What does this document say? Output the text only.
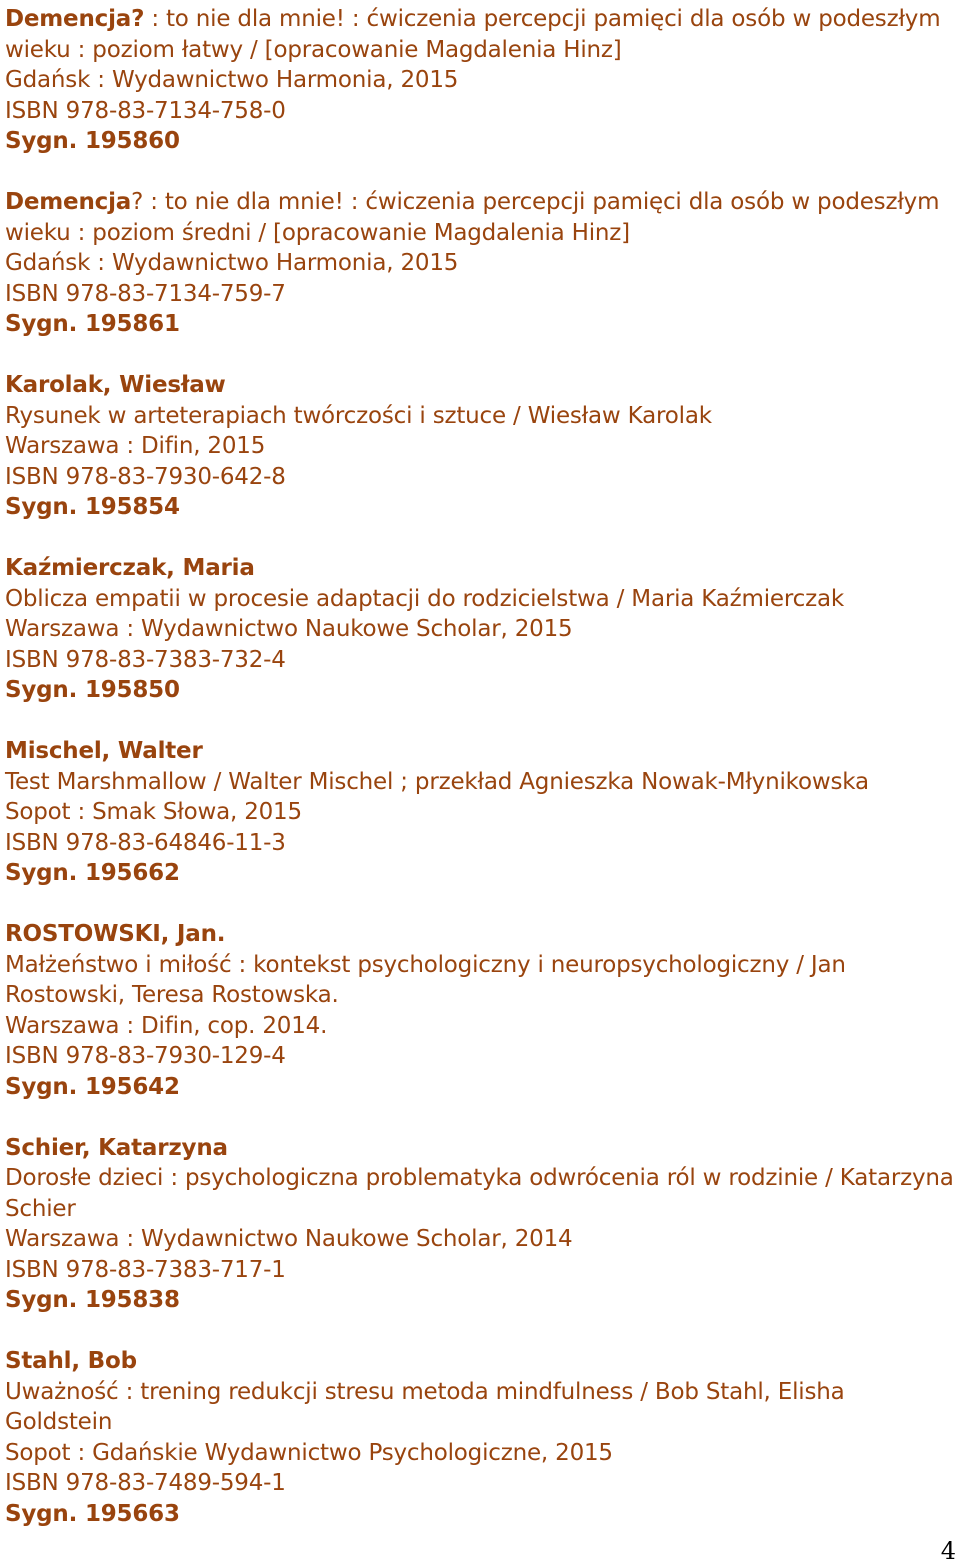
Demencja? : to nie dla mnie! : ćwiczenia percepcji pamięci dla osób w podeszłym wieku : poziom łatwy / [opracowanie Magdalenia Hinz]
Gdańsk : Wydawnictwo Harmonia, 2015
ISBN 978-83-7134-758-0
Sygn. 195860
Demencja? : to nie dla mnie! : ćwiczenia percepcji pamięci dla osób w podeszłym wieku : poziom średni / [opracowanie Magdalenia Hinz]
Gdańsk : Wydawnictwo Harmonia, 2015
ISBN 978-83-7134-759-7
Sygn. 195861
Karolak, Wiesław
Rysunek w arteterapiach twórczości i sztuce / Wiesław Karolak
Warszawa : Difin, 2015
ISBN 978-83-7930-642-8
Sygn. 195854
Kaźmierczak, Maria
Oblicza empatii w procesie adaptacji do rodzicielstwa / Maria Kaźmierczak
Warszawa : Wydawnictwo Naukowe Scholar, 2015
ISBN 978-83-7383-732-4
Sygn. 195850
Mischel, Walter
Test Marshmallow / Walter Mischel ; przekład Agnieszka Nowak-Młynikowska
Sopot : Smak Słowa, 2015
ISBN 978-83-64846-11-3
Sygn. 195662
ROSTOWSKI, Jan.
Małżeństwo i miłość : kontekst psychologiczny i neuropsychologiczny / Jan Rostowski, Teresa Rostowska.
Warszawa : Difin, cop. 2014.
ISBN 978-83-7930-129-4
Sygn. 195642
Schier, Katarzyna
Dorosłe dzieci : psychologiczna problematyka odwrócenia ról w rodzinie / Katarzyna Schier
Warszawa : Wydawnictwo Naukowe Scholar, 2014
ISBN 978-83-7383-717-1
Sygn. 195838
Stahl, Bob
Uważność : trening redukcji stresu metoda mindfulness / Bob Stahl, Elisha Goldstein
Sopot : Gdańskie Wydawnictwo Psychologiczne, 2015
ISBN 978-83-7489-594-1
Sygn. 195663
4
